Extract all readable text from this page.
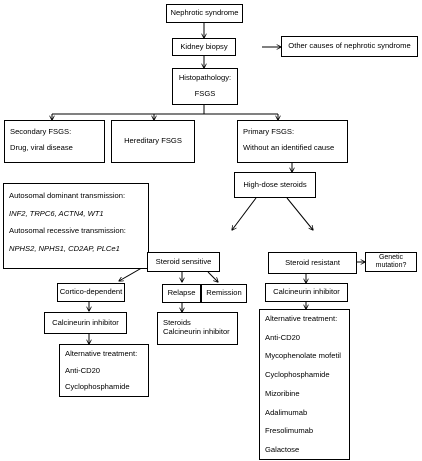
Nephrotic syndrome
Kidney biopsy	Other causes of nephrotic syndrome
Histopathology:
FSGS
Secondary FSGS:
Drug, viral disease
Hereditary FSGS
Primary FSGS:
Without an identified cause
High-dose steroids
Autosomal dominant transmission:
INF2, TRPC6, ACTN4, WT1
Autosomal recessive transmission:
NPHS2, NPHS1, CD2AP, PLCe1
Steroid sensitive	Steroid resistant
Genetic mutation?
Cortico-dependent	Relapse Remission	Calcineurin inhibitor
Calcineurin inhibitor	Steroids
Calcineurin inhibitor
Alternative treatment:
Anti-CD20
Cyclophosphamide
Alternative treatment:
Anti-CD20
Mycophenolate mofetil
Cyclophosphamide
Mizoribine
Adalimumab
Fresolimumab
Galactose
